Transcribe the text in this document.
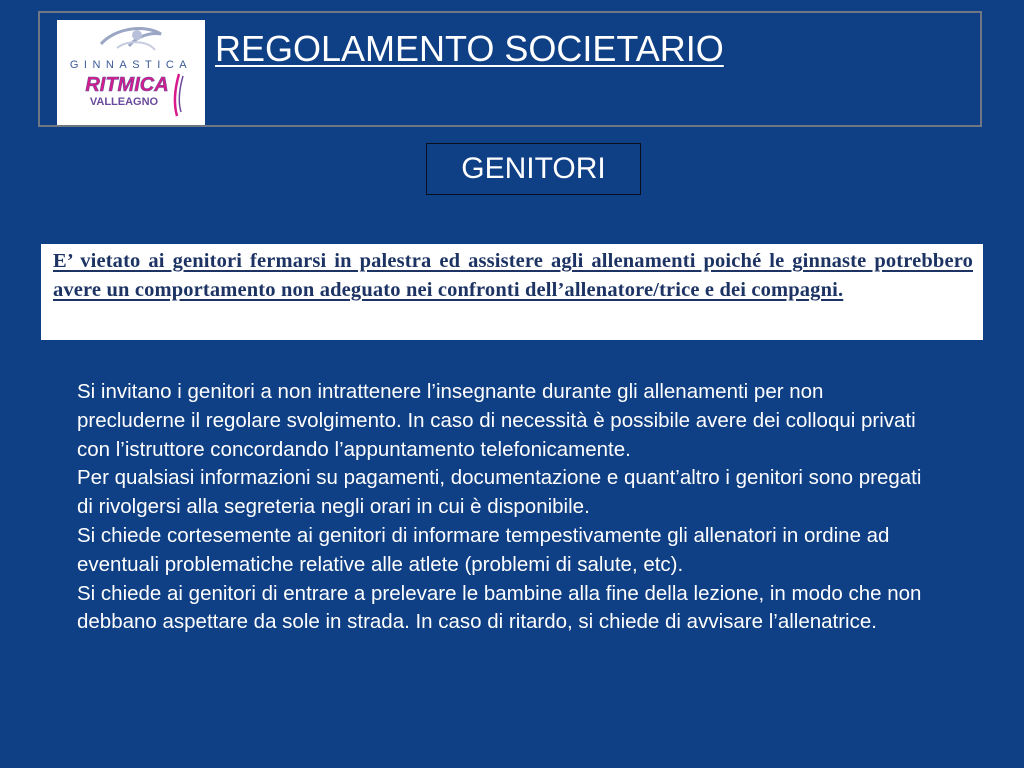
GINNASTICA
RITMICA
VALLEAGNO
REGOLAMENTO SOCIETARIO
GENITORI
E’ vietato ai genitori fermarsi in palestra ed assistere agli allenamenti poiché le ginnaste potrebbero avere un comportamento non adeguato nei confronti dell’allenatore/trice e dei compagni.

Si invitano i genitori a non intrattenere l’insegnante durante gli allenamenti per non precluderne il regolare svolgimento. In caso di necessità è possibile avere dei colloqui privati con l’istruttore concordando l’appuntamento telefonicamente.

Per qualsiasi informazioni su pagamenti, documentazione e quant’altro i genitori sono pregati di rivolgersi alla segreteria negli orari in cui è disponibile.

Si chiede cortesemente ai genitori di informare tempestivamente gli allenatori in ordine ad eventuali problematiche relative alle atlete (problemi di salute, etc).

Si chiede ai genitori di entrare a prelevare le bambine alla fine della lezione, in modo che non debbano aspettare da sole in strada. In caso di ritardo, si chiede di avvisare l’allenatrice.
